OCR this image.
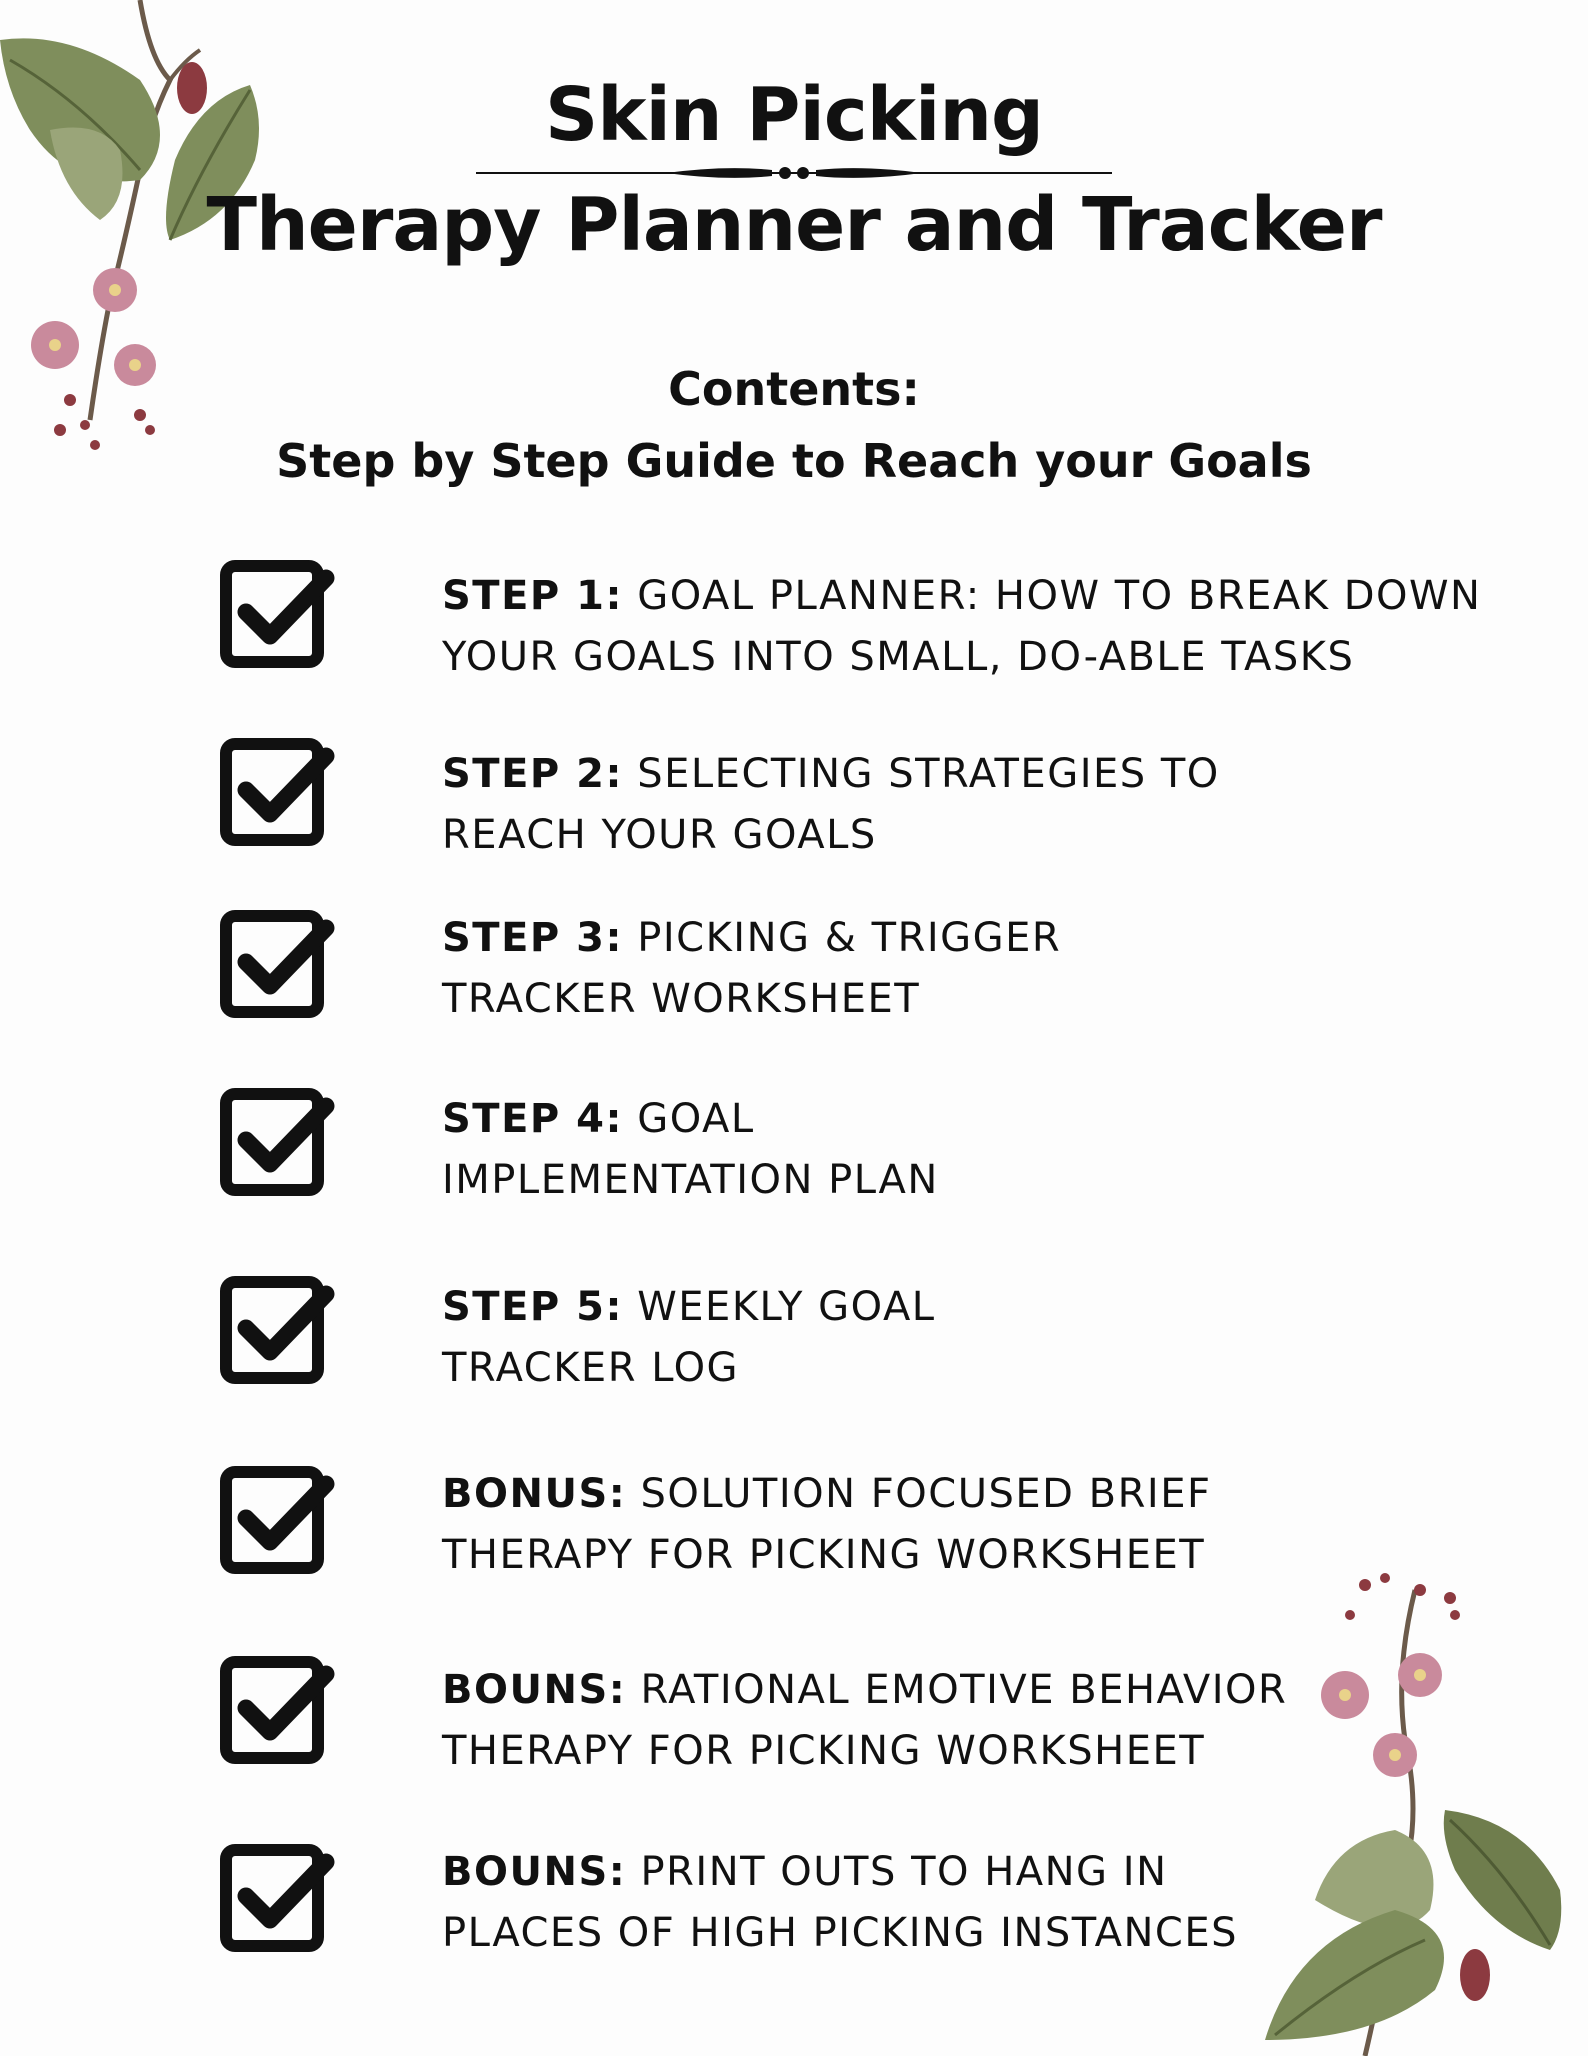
Skin Picking
Therapy Planner and Tracker
Contents:
Step by Step Guide to Reach your Goals
STEP 1: GOAL PLANNER: HOW TO BREAK DOWN
YOUR GOALS INTO SMALL, DO-ABLE TASKS
STEP 2: SELECTING STRATEGIES TO
REACH YOUR GOALS
STEP 3: PICKING & TRIGGER
TRACKER WORKSHEET
STEP 4: GOAL
IMPLEMENTATION PLAN
STEP 5: WEEKLY GOAL
TRACKER LOG
BONUS: SOLUTION FOCUSED BRIEF
THERAPY FOR PICKING WORKSHEET
BOUNS: RATIONAL EMOTIVE BEHAVIOR
THERAPY FOR PICKING WORKSHEET
BOUNS: PRINT OUTS TO HANG IN
PLACES OF HIGH PICKING INSTANCES
